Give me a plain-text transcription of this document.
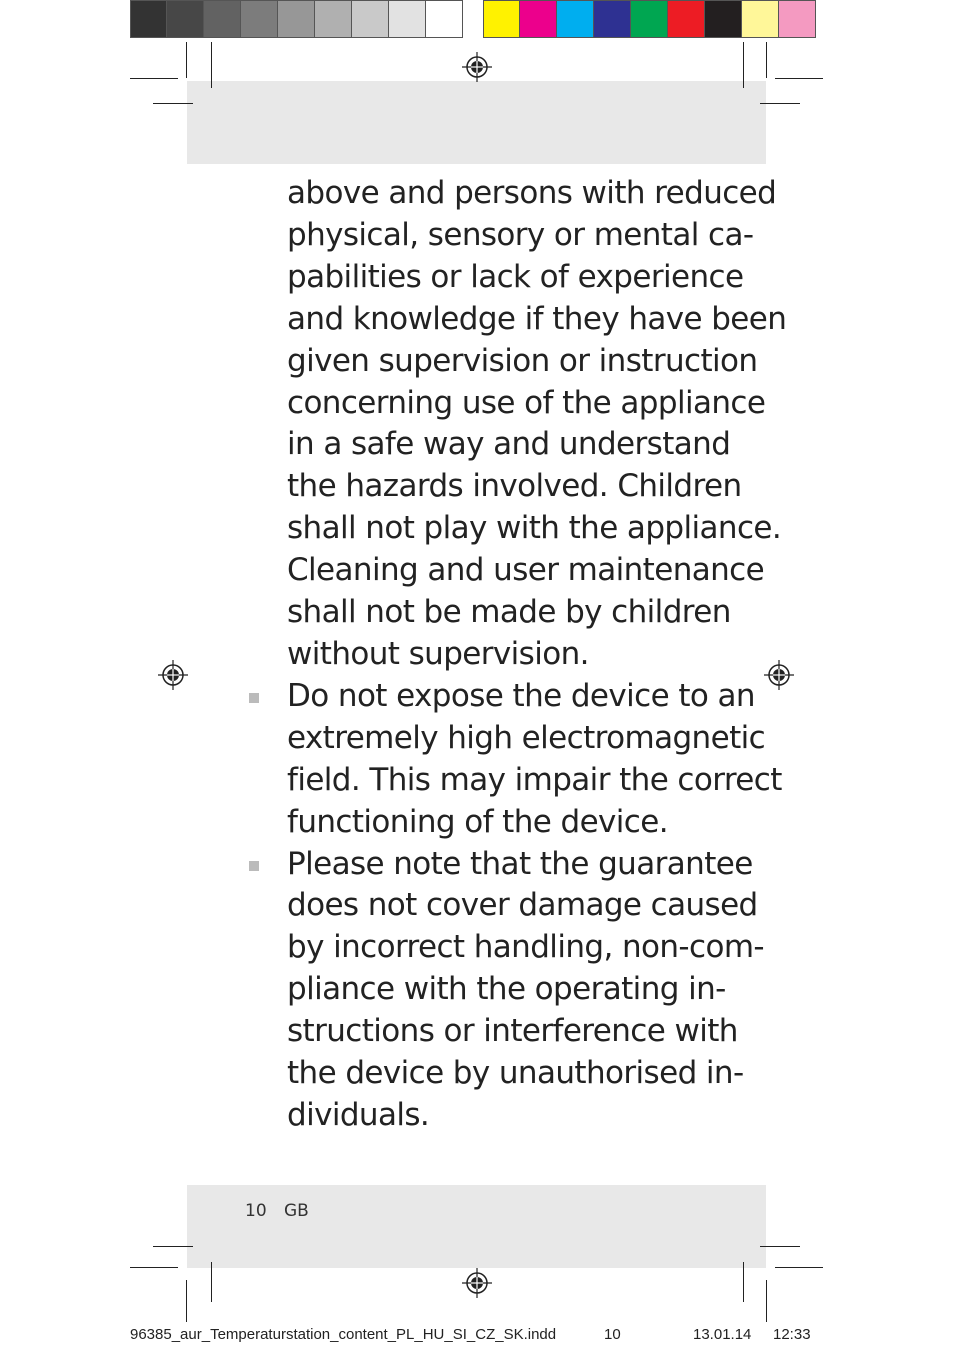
above and persons with reduced
physical, sensory or mental ca-
pabilities or lack of experience
and knowledge if they have been
given supervision or instruction
concerning use of the appliance
in a safe way and understand
the hazards involved. Children
shall not play with the appliance.
Cleaning and user maintenance
shall not be made by children
without supervision.
Do not expose the device to an
extremely high electromagnetic
field. This may impair the correct
functioning of the device.
Please note that the guarantee
does not cover damage caused
by incorrect handling, non-com-
pliance with the operating in-
structions or interference with
the device by unauthorised in-
dividuals.
10 GB
96385_aur_Temperaturstation_content_PL_HU_SI_CZ_SK.indd	10	13.01.14 12:33
